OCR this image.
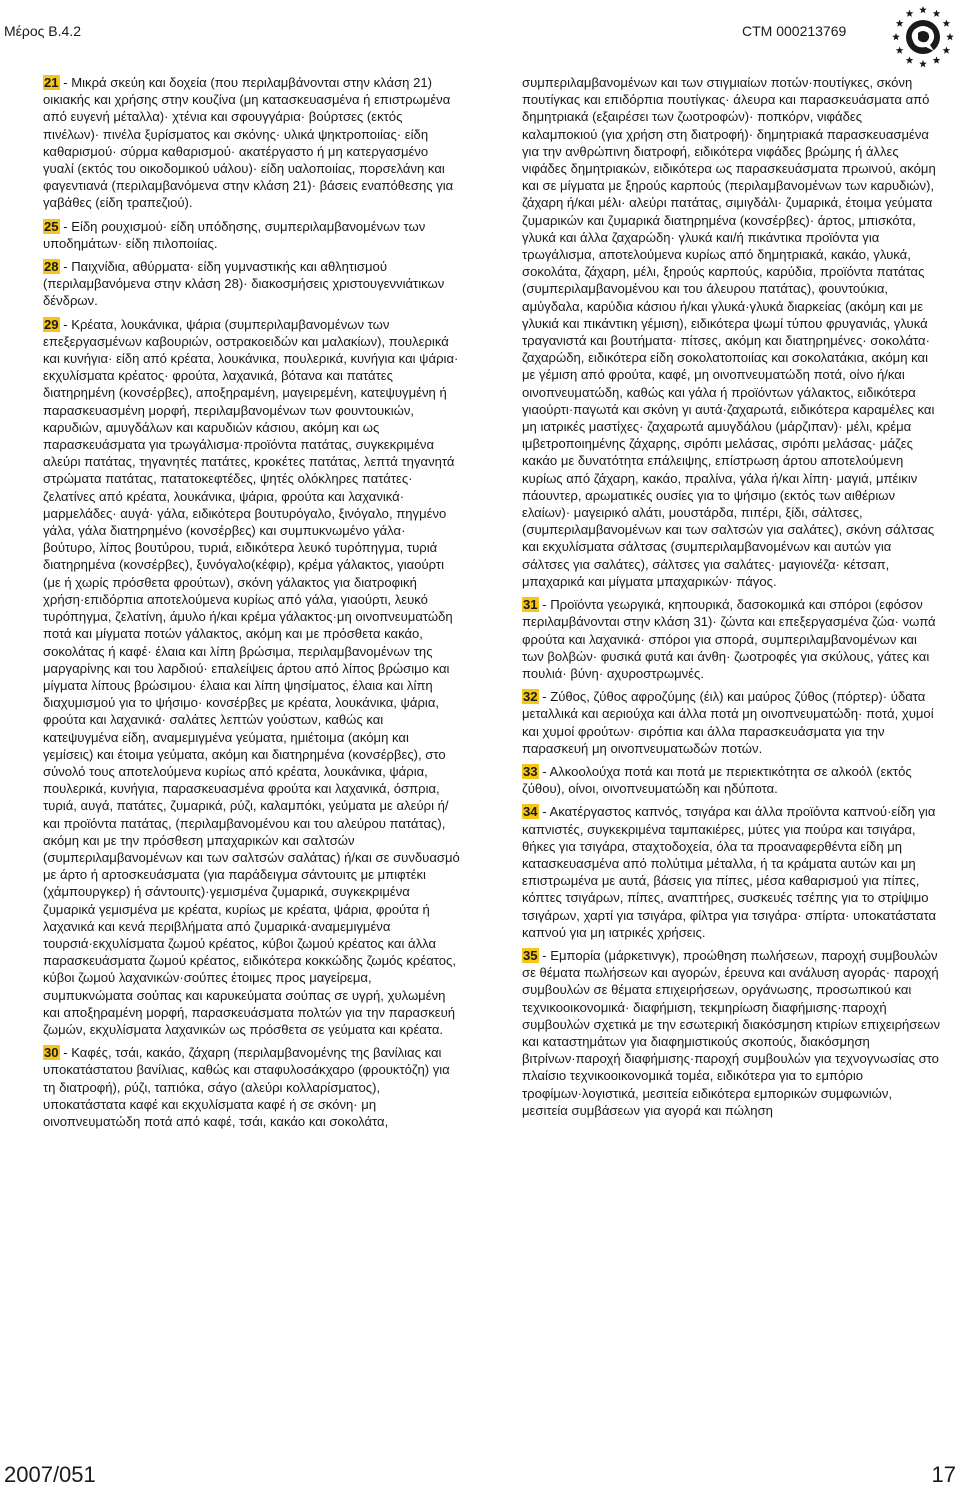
Μέρος Β.4.2	CTM 000213769
21 - Μικρά σκεύη και δοχεία (που περιλαμβάνονται στην κλάση 21) οικιακής και χρήσης στην κουζίνα (μη κατασκευασμένα ή επιστρωμένα από ευγενή μέταλλα)· χτένια και σφουγγάρια· βούρτσες (εκτός πινέλων)· πινέλα ξυρίσματος και σκόνης· υλικά ψηκτροποιίας· είδη καθαρισμού· σύρμα καθαρισμού· ακατέργαστο ή μη κατεργασμένο γυαλί (εκτός του οικοδομικού υάλου)· είδη υαλοποιίας, πορσελάνη και φαγεντιανά (περιλαμβανόμενα στην κλάση 21)· βάσεις εναπόθεσης για γαβάθες (είδη τραπεζιού).
25 - Είδη ρουχισμού· είδη υπόδησης, συμπεριλαμβανομένων των υποδημάτων· είδη πιλοποιίας.
28 - Παιχνίδια, αθύρματα· είδη γυμναστικής και αθλητισμού (περιλαμβανόμενα στην κλάση 28)· διακοσμήσεις χριστουγεννιάτικων δένδρων.
29 - Κρέατα, λουκάνικα, ψάρια (συμπεριλαμβανομένων των επεξεργασμένων καβουριών, οστρακοειδών και μαλακίων), πουλερικά και κυνήγια· είδη από κρέατα, λουκάνικα, πουλερικά, κυνήγια και ψάρια· εκχυλίσματα κρέατος· φρούτα, λαχανικά, βότανα και πατάτες διατηρημένη (κονσέρβες), αποξηραμένη, μαγειρεμένη, κατεψυγμένη ή παρασκευασμένη μορφή, περιλαμβανομένων των φουντουκιών, καρυδιών, αμυγδάλων και καρυδιών κάσιου, ακόμη και ως παρασκευάσματα για τρωγάλισμα·προϊόντα πατάτας, συγκεκριμένα αλεύρι πατάτας, τηγανητές πατάτες, κροκέτες πατάτας, λεπτά τηγανητά στρώματα πατάτας, πατατοκεφτέδες, ψητές ολόκληρες πατάτες· ζελατίνες από κρέατα, λουκάνικα, ψάρια, φρούτα και λαχανικά· μαρμελάδες· αυγά· γάλα, ειδικότερα βουτυρόγαλο, ξινόγαλο, πηγμένο γάλα, γάλα διατηρημένο (κονσέρβες) και συμπυκνωμένο γάλα· βούτυρο, λίπος βουτύρου, τυριά, ειδικότερα λευκό τυρόπηγμα, τυριά διατηρημένα (κονσέρβες), ξυνόγαλο(κέφιρ), κρέμα γάλακτος, γιαούρτι (με ή χωρίς πρόσθετα φρούτων), σκόνη γάλακτος για διατροφική χρήση·επιδόρπια αποτελούμενα κυρίως από γάλα, γιαούρτι, λευκό τυρόπηγμα, ζελατίνη, άμυλο ή/και κρέμα γάλακτος·μη οινοπνευματώδη ποτά και μίγματα ποτών γάλακτος, ακόμη και με πρόσθετα κακάο, σοκολάτας ή καφέ· έλαια και λίπη βρώσιμα, περιλαμβανομένων της μαργαρίνης και του λαρδιού· επαλείψεις άρτου από λίπος βρώσιμο και μίγματα λίπους βρώσιμου· έλαια και λίπη ψησίματος, έλαια και λίπη διαχυμισμού για το ψήσιμο· κονσέρβες με κρέατα, λουκάνικα, ψάρια, φρούτα και λαχανικά· σαλάτες λεπτών γούστων, καθώς και κατεψυγμένα είδη, αναμεμιγμένα γεύματα, ημιέτοιμα (ακόμη και γεμίσεις) και έτοιμα γεύματα, ακόμη και διατηρημένα (κονσέρβες), στο σύνολό τους αποτελούμενα κυρίως από κρέατα, λουκάνικα, ψάρια, πουλερικά, κυνήγια, παρασκευασμένα φρούτα και λαχανικά, όσπρια, τυριά, αυγά, πατάτες, ζυμαρικά, ρύζι, καλαμπόκι, γεύματα με αλεύρι ή/και προϊόντα πατάτας, (περιλαμβανομένου και του αλεύρου πατάτας), ακόμη και με την πρόσθεση μπαχαρικών και σαλτσών (συμπεριλαμβανομένων και των σαλτσών σαλάτας) ή/και σε συνδυασμό με άρτο ή αρτοσκευάσματα (για παράδειγμα σάντουιτς με μπιφτέκι (χάμπουργκερ) ή σάντουιτς)·γεμισμένα ζυμαρικά, συγκεκριμένα ζυμαρικά γεμισμένα με κρέατα, κυρίως με κρέατα, ψάρια, φρούτα ή λαχανικά και κενά περιβλήματα από ζυμαρικά·αναμεμιγμένα τουρσιά·εκχυλίσματα ζωμού κρέατος, κύβοι ζωμού κρέατος και άλλα παρασκευάσματα ζωμού κρέατος, ειδικότερα κοκκώδης ζωμός κρέατος, κύβοι ζωμού λαχανικών·σούπες έτοιμες προς μαγείρεμα, συμπυκνώματα σούπας και καρυκεύματα σούπας σε υγρή, χυλωμένη και αποξηραμένη μορφή, παρασκευάσματα πολτών για την παρασκευή ζωμών, εκχυλίσματα λαχανικών ως πρόσθετα σε γεύματα και κρέατα.
30 - Καφές, τσάι, κακάο, ζάχαρη (περιλαμβανομένης της βανίλιας και υποκατάστατου βανίλιας, καθώς και σταφυλοσάκχαρο (φρουκτόζη) για τη διατροφή), ρύζι, ταπιόκα, σάγο (αλεύρι κολλαρίσματος), υποκατάστατα καφέ και εκχυλίσματα καφέ ή σε σκόνη· μη οινοπνευματώδη ποτά από καφέ, τσάι, κακάο και σοκολάτα,
συμπεριλαμβανομένων και των στιγμιαίων ποτών·πουτίγκες, σκόνη πουτίγκας και επιδόρπια πουτίγκας· άλευρα και παρασκευάσματα από δημητριακά (εξαιρέσει των ζωοτροφών)· ποπκόρν, νιφάδες καλαμποκιού (για χρήση στη διατροφή)· δημητριακά παρασκευασμένα για την ανθρώπινη διατροφή, ειδικότερα νιφάδες βρώμης ή άλλες νιφάδες δημητριακών, ειδικότερα ως παρασκευάσματα πρωινού, ακόμη και σε μίγματα με ξηρούς καρπούς (περιλαμβανομένων των καρυδιών), ζάχαρη ή/και μέλι· αλεύρι πατάτας, σιμιγδάλι· ζυμαρικά, έτοιμα γεύματα ζυμαρικών και ζυμαρικά διατηρημένα (κονσέρβες)· άρτος, μπισκότα, γλυκά και άλλα ζαχαρώδη· γλυκά και/ή πικάντικα προϊόντα για τρωγάλισμα, αποτελούμενα κυρίως από δημητριακά, κακάο, γλυκά, σοκολάτα, ζάχαρη, μέλι, ξηρούς καρπούς, καρύδια, προϊόντα πατάτας (συμπεριλαμβανομένου και του άλευρου πατάτας), φουντούκια, αμύγδαλα, καρύδια κάσιου ή/και γλυκά·γλυκά διαρκείας (ακόμη και με γλυκιά και πικάντικη γέμιση), ειδικότερα ψωμί τύπου φρυγανιάς, γλυκά τραγανιστά και βουτήματα· πίτσες, ακόμη και διατηρημένες· σοκολάτα· ζαχαρώδη, ειδικότερα είδη σοκολατοποιίας και σοκολατάκια, ακόμη και με γέμιση από φρούτα, καφέ, μη οινοπνευματώδη ποτά, οίνο ή/και οινοπνευματώδη, καθώς και γάλα ή προϊόντων γάλακτος, ειδικότερα γιαούρτι·παγωτά και σκόνη γι αυτά·ζαχαρωτά, ειδικότερα καραμέλες και μη ιατρικές μαστίχες· ζαχαρωτά αμυγδάλου (μάρζιπαν)· μέλι, κρέμα ιμβετροποιημένης ζάχαρης, σιρόπι μελάσας, σιρόπι μελάσας· μάζες κακάο με δυνατότητα επάλειψης, επίστρωση άρτου αποτελούμενη κυρίως από ζάχαρη, κακάο, πραλίνα, γάλα ή/και λίπη· μαγιά, μπέικιν πάουντερ, αρωματικές ουσίες για το ψήσιμο (εκτός των αιθέριων ελαίων)· μαγειρικό αλάτι, μουστάρδα, πιπέρι, ξίδι, σάλτσες, (συμπεριλαμβανομένων και των σαλτσών για σαλάτες), σκόνη σάλτσας και εκχυλίσματα σάλτσας (συμπεριλαμβανομένων και αυτών για σάλτσες για σαλάτες), σάλτσες για σαλάτες· μαγιονέζα· κέτσαπ, μπαχαρικά και μίγματα μπαχαρικών· πάγος.
31 - Προϊόντα γεωργικά, κηπουρικά, δασοκομικά και σπόροι (εφόσον περιλαμβάνονται στην κλάση 31)· ζώντα και επεξεργασμένα ζώα· νωπά φρούτα και λαχανικά· σπόροι για σπορά, συμπεριλαμβανομένων και των βολβών· φυσικά φυτά και άνθη· ζωοτροφές για σκύλους, γάτες και πουλιά· βύνη· αχυροστρωμνές.
32 - Ζύθος, ζύθος αφροζύμης (έιλ) και μαύρος ζύθος (πόρτερ)· ύδατα μεταλλικά και αεριούχα και άλλα ποτά μη οινοπνευματώδη· ποτά, χυμοί και χυμοί φρούτων· σιρόπια και άλλα παρασκευάσματα για την παρασκευή μη οινοπνευματωδών ποτών.
33 - Αλκοολούχα ποτά και ποτά με περιεκτικότητα σε αλκοόλ (εκτός ζύθου), οίνοι, οινοπνευματώδη και ηδύποτα.
34 - Ακατέργαστος καπνός, τσιγάρα και άλλα προϊόντα καπνού·είδη για καπνιστές, συγκεκριμένα ταμπακιέρες, μύτες για πούρα και τσιγάρα, θήκες για τσιγάρα, σταχτοδοχεία, όλα τα προαναφερθέντα είδη μη κατασκευασμένα από πολύτιμα μέταλλα, ή τα κράματα αυτών και μη επιστρωμένα με αυτά, βάσεις για πίπες, μέσα καθαρισμού για πίπες, κόπτες τσιγάρων, πίπες, αναπτήρες, συσκευές τσέπης για το στρίψιμο τσιγάρων, χαρτί για τσιγάρα, φίλτρα για τσιγάρα· σπίρτα· υποκατάστατα καπνού για μη ιατρικές χρήσεις.
35 - Εμπορία (μάρκετινγκ), προώθηση πωλήσεων, παροχή συμβουλών σε θέματα πωλήσεων και αγορών, έρευνα και ανάλυση αγοράς· παροχή συμβουλών σε θέματα επιχειρήσεων, οργάνωσης, προσωπικού και τεχνικοοικονομικά· διαφήμιση, τεκμηρίωση διαφήμισης·παροχή συμβουλών σχετικά με την εσωτερική διακόσμηση κτιρίων επιχειρήσεων και καταστημάτων για διαφημιστικούς σκοπούς, διακόσμηση βιτρίνων·παροχή διαφήμισης·παροχή συμβουλών για τεχνογνωσίας στο πλαίσιο τεχνικοοικονομικά τομέα, ειδικότερα για το εμπόριο τροφίμων·λογιστικά, μεσιτεία ειδικότερα εμπορικών συμφωνιών, μεσιτεία συμβάσεων για αγορά και πώληση
2007/051	17
